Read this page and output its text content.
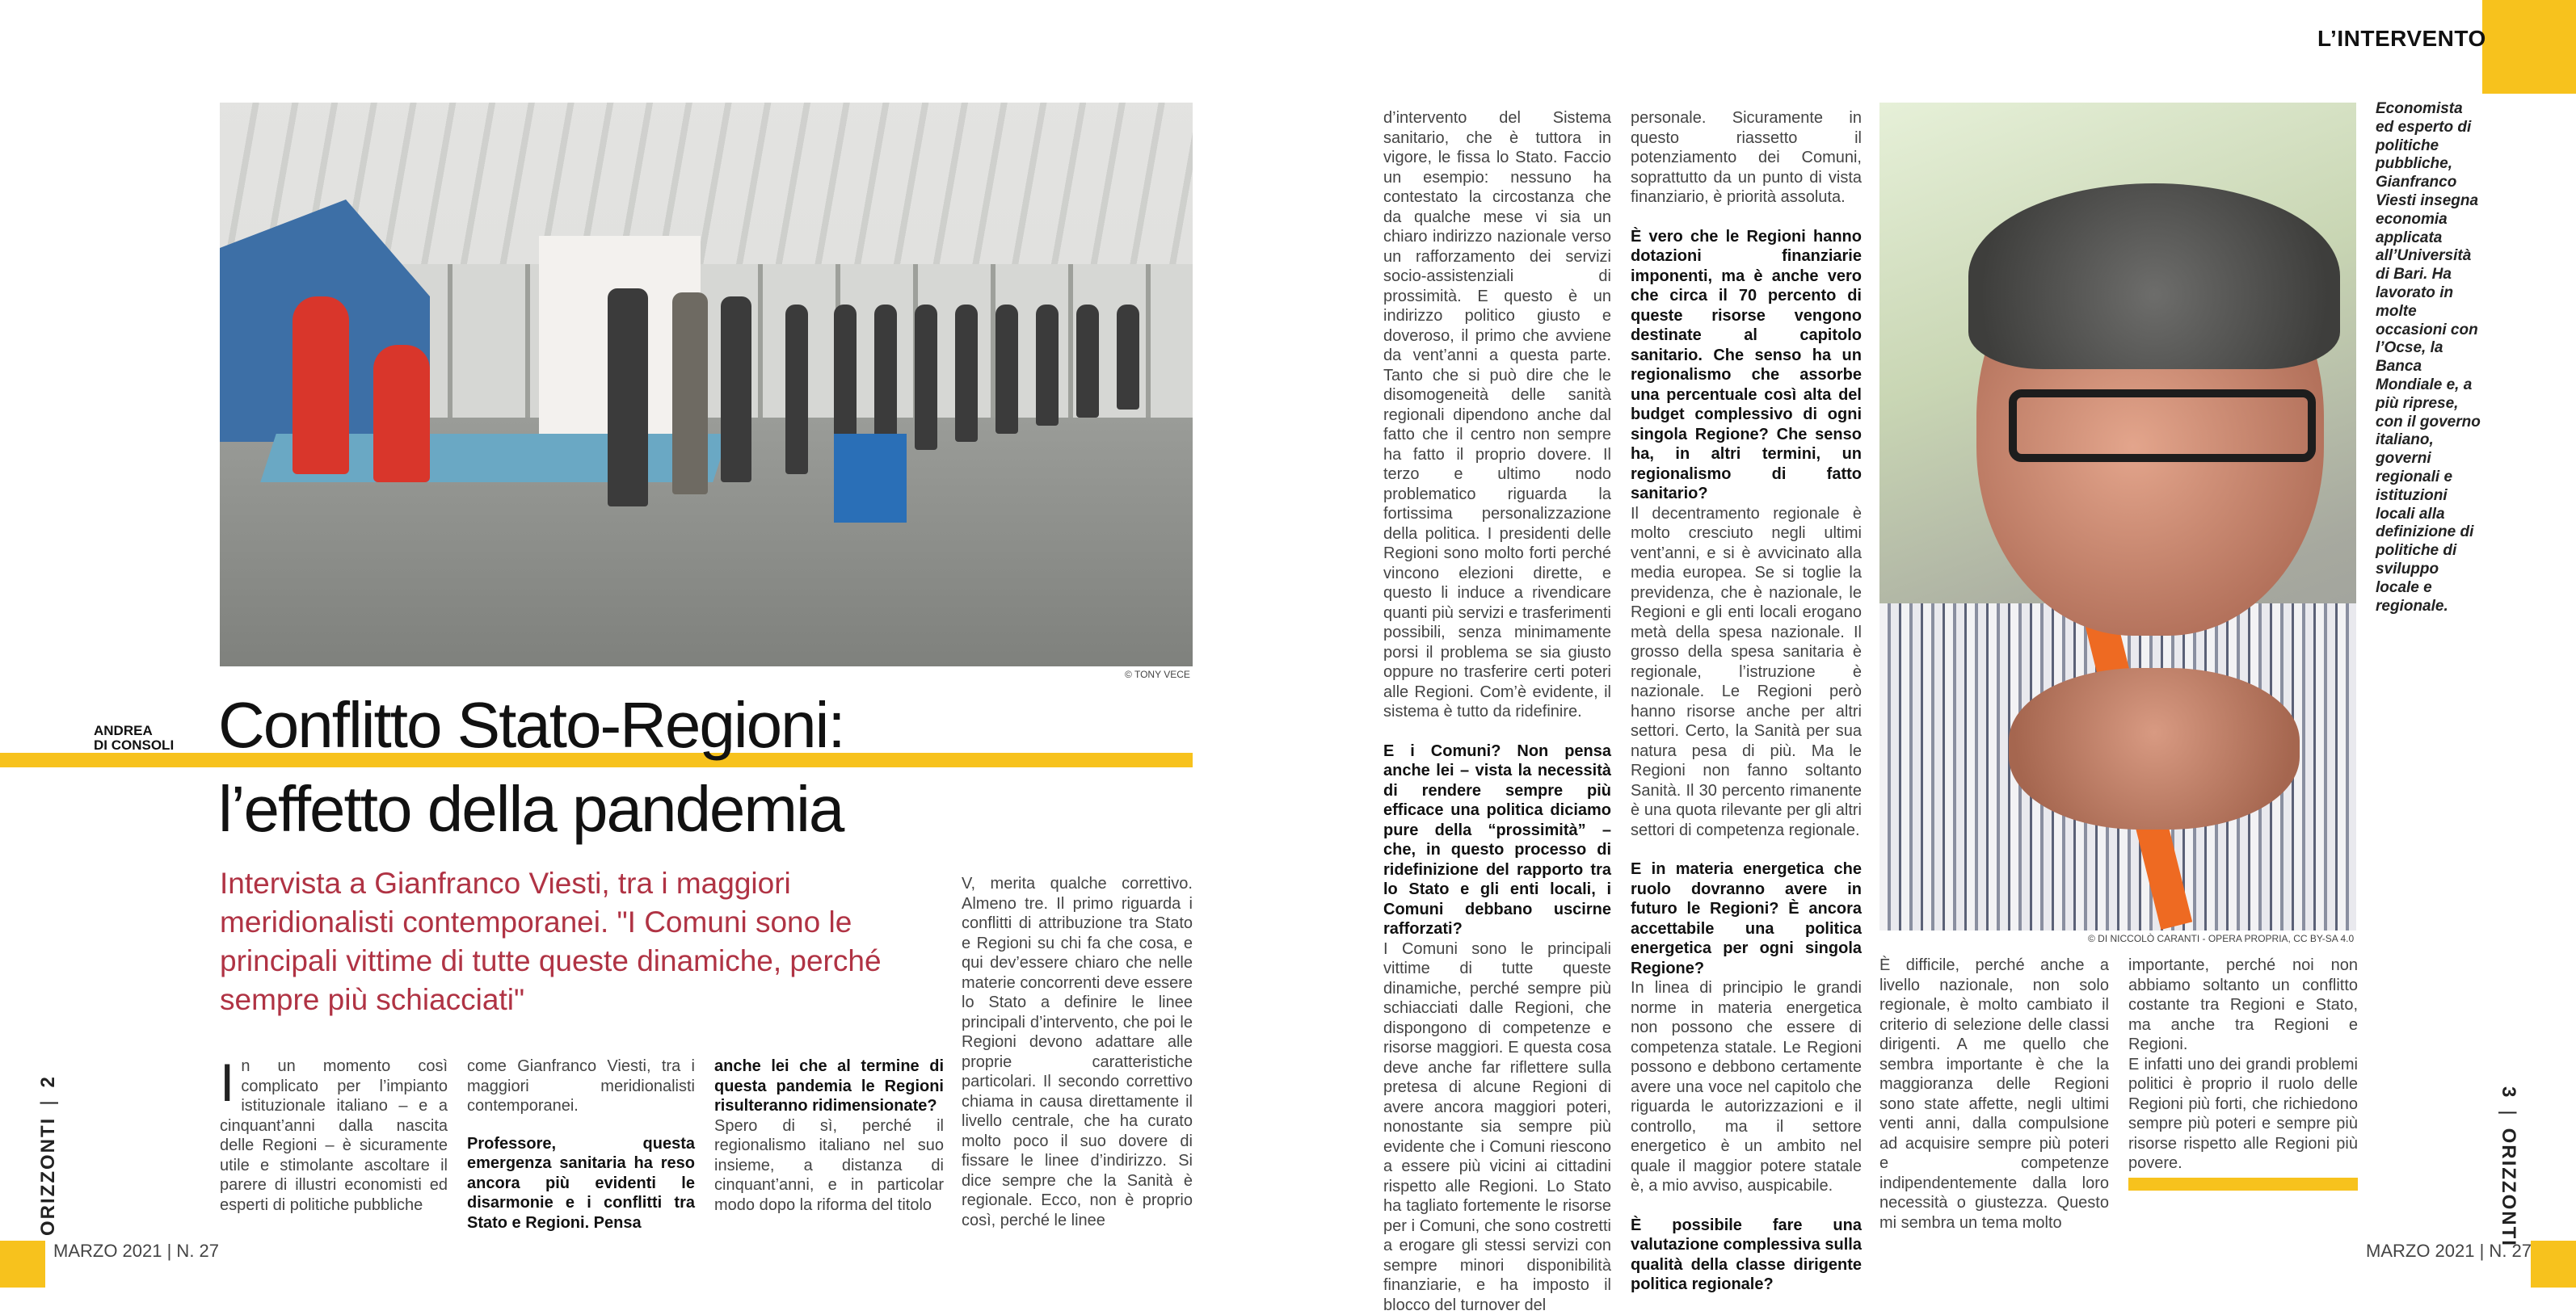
L’INTERVENTO
ORIZZONTI|2
3|ORIZZONTI
MARZO 2021 | N. 27	MARZO 2021 | N. 27
© TONY VECE
© DI NICCOLÒ CARANTI - OPERA PROPRIA, CC BY-SA 4.0
Economista ed esperto di politiche pubbliche, Gianfranco Viesti insegna economia applicata all’Università di Bari. Ha lavorato in molte occasioni con l’Ocse, la Banca Mondiale e, a più riprese, con il governo italiano, governi regionali e istituzioni locali alla definizione di politiche di sviluppo locale e regionale.
ANDREA
DI CONSOLI Conflitto Stato-Regioni:
l’effetto della pandemia
Intervista a Gianfranco Viesti, tra i maggiori meridionalisti contemporanei. "I Comuni sono le principali vittime di tutte queste dinamiche, perché sempre più schiacciati"
I n un momento così complicato per l’impianto istituzionale italiano – e a cinquant’anni dalla nascita delle Regioni – è sicuramente utile e stimolante ascoltare il parere di illustri economisti ed esperti di politiche pubbliche

come Gianfranco Viesti, tra i maggiori meridionalisti contemporanei.

Professore, questa emergenza sanitaria ha reso ancora più evidenti le disarmonie e i conflitti tra Stato e Regioni. Pensa

anche lei che al termine di questa pandemia le Regioni risulteranno ridimensionate?

Spero di sì, perché il regionalismo italiano nel suo insieme, a distanza di cinquant’anni, e in particolar modo dopo la riforma del titolo

V, merita qualche correttivo. Almeno tre. Il primo riguarda i conflitti di attribuzione tra Stato e Regioni su chi fa che cosa, e qui dev’essere chiaro che nelle materie concorrenti deve essere lo Stato a definire le linee principali d’intervento, che poi le Regioni devono adattare alle proprie caratteristiche particolari. Il secondo correttivo chiama in causa direttamente il livello centrale, che ha curato molto poco il suo dovere di fissare le linee d’indirizzo. Si dice sempre che la Sanità è regionale. Ecco, non è proprio così, perché le linee

d’intervento del Sistema sanitario, che è tuttora in vigore, le fissa lo Stato. Faccio un esempio: nessuno ha contestato la circostanza che da qualche mese vi sia un chiaro indirizzo nazionale verso un rafforzamento dei servizi socio-assistenziali di prossimità. E questo è un indirizzo politico giusto e doveroso, il primo che avviene da vent’anni a questa parte. Tanto che si può dire che le disomogeneità delle sanità regionali dipendono anche dal fatto che il centro non sempre ha fatto il proprio dovere. Il terzo e ultimo nodo problematico riguarda la fortissima personalizzazione della politica. I presidenti delle Regioni sono molto forti perché vincono elezioni dirette, e questo li induce a rivendicare quanti più servizi e trasferimenti possibili, senza minimamente porsi il problema se sia giusto oppure no trasferire certi poteri alle Regioni. Com’è evidente, il sistema è tutto da ridefinire.

E i Comuni? Non pensa anche lei – vista la necessità di rendere sempre più efficace una politica diciamo pure della “prossimità” – che, in questo processo di ridefinizione del rapporto tra lo Stato e gli enti locali, i Comuni debbano uscirne rafforzati?

I Comuni sono le principali vittime di tutte queste dinamiche, perché sempre più schiacciati dalle Regioni, che dispongono di competenze e risorse maggiori. E questa cosa deve anche far riflettere sulla pretesa di alcune Regioni di avere ancora maggiori poteri, nonostante sia sempre più evidente che i Comuni riescono a essere più vicini ai cittadini rispetto alle Regioni. Lo Stato ha tagliato fortemente le risorse per i Comuni, che sono costretti a erogare gli stessi servizi con sempre minori disponibilità finanziarie, e ha imposto il blocco del turnover del

personale. Sicuramente in questo riassetto il potenziamento dei Comuni, soprattutto da un punto di vista finanziario, è priorità assoluta.

È vero che le Regioni hanno dotazioni finanziarie imponenti, ma è anche vero che circa il 70 percento di queste risorse vengono destinate al capitolo sanitario. Che senso ha un regionalismo che assorbe una percentuale così alta del budget complessivo di ogni singola Regione? Che senso ha, in altri termini, un regionalismo di fatto sanitario?

Il decentramento regionale è molto cresciuto negli ultimi vent’anni, e si è avvicinato alla media europea. Se si toglie la previdenza, che è nazionale, le Regioni e gli enti locali erogano metà della spesa nazionale. Il grosso della spesa sanitaria è regionale, l’istruzione è nazionale. Le Regioni però hanno risorse anche per altri settori. Certo, la Sanità per sua natura pesa di più. Ma le Regioni non fanno soltanto Sanità. Il 30 percento rimanente è una quota rilevante per gli altri settori di competenza regionale.

E in materia energetica che ruolo dovranno avere in futuro le Regioni? È ancora accettabile una politica energetica per ogni singola Regione?

In linea di principio le grandi norme in materia energetica non possono che essere di competenza statale. Le Regioni possono e debbono certamente avere una voce nel capitolo che riguarda le autorizzazioni e il controllo, ma il settore energetico è un ambito nel quale il maggior potere statale è, a mio avviso, auspicabile.

È possibile fare una valutazione complessiva sulla qualità della classe dirigente politica regionale?

È difficile, perché anche a livello nazionale, non solo regionale, è molto cambiato il criterio di selezione delle classi dirigenti. A me quello che sembra importante è che la maggioranza delle Regioni sono state affette, negli ultimi venti anni, dalla compulsione ad acquisire sempre più poteri e competenze indipendentemente dalla loro necessità o giustezza. Questo mi sembra un tema molto

importante, perché noi non abbiamo soltanto un conflitto costante tra Regioni e Stato, ma anche tra Regioni e Regioni.

E infatti uno dei grandi problemi politici è proprio il ruolo delle Regioni più forti, che richiedono sempre più poteri e sempre più risorse rispetto alle Regioni più povere.
